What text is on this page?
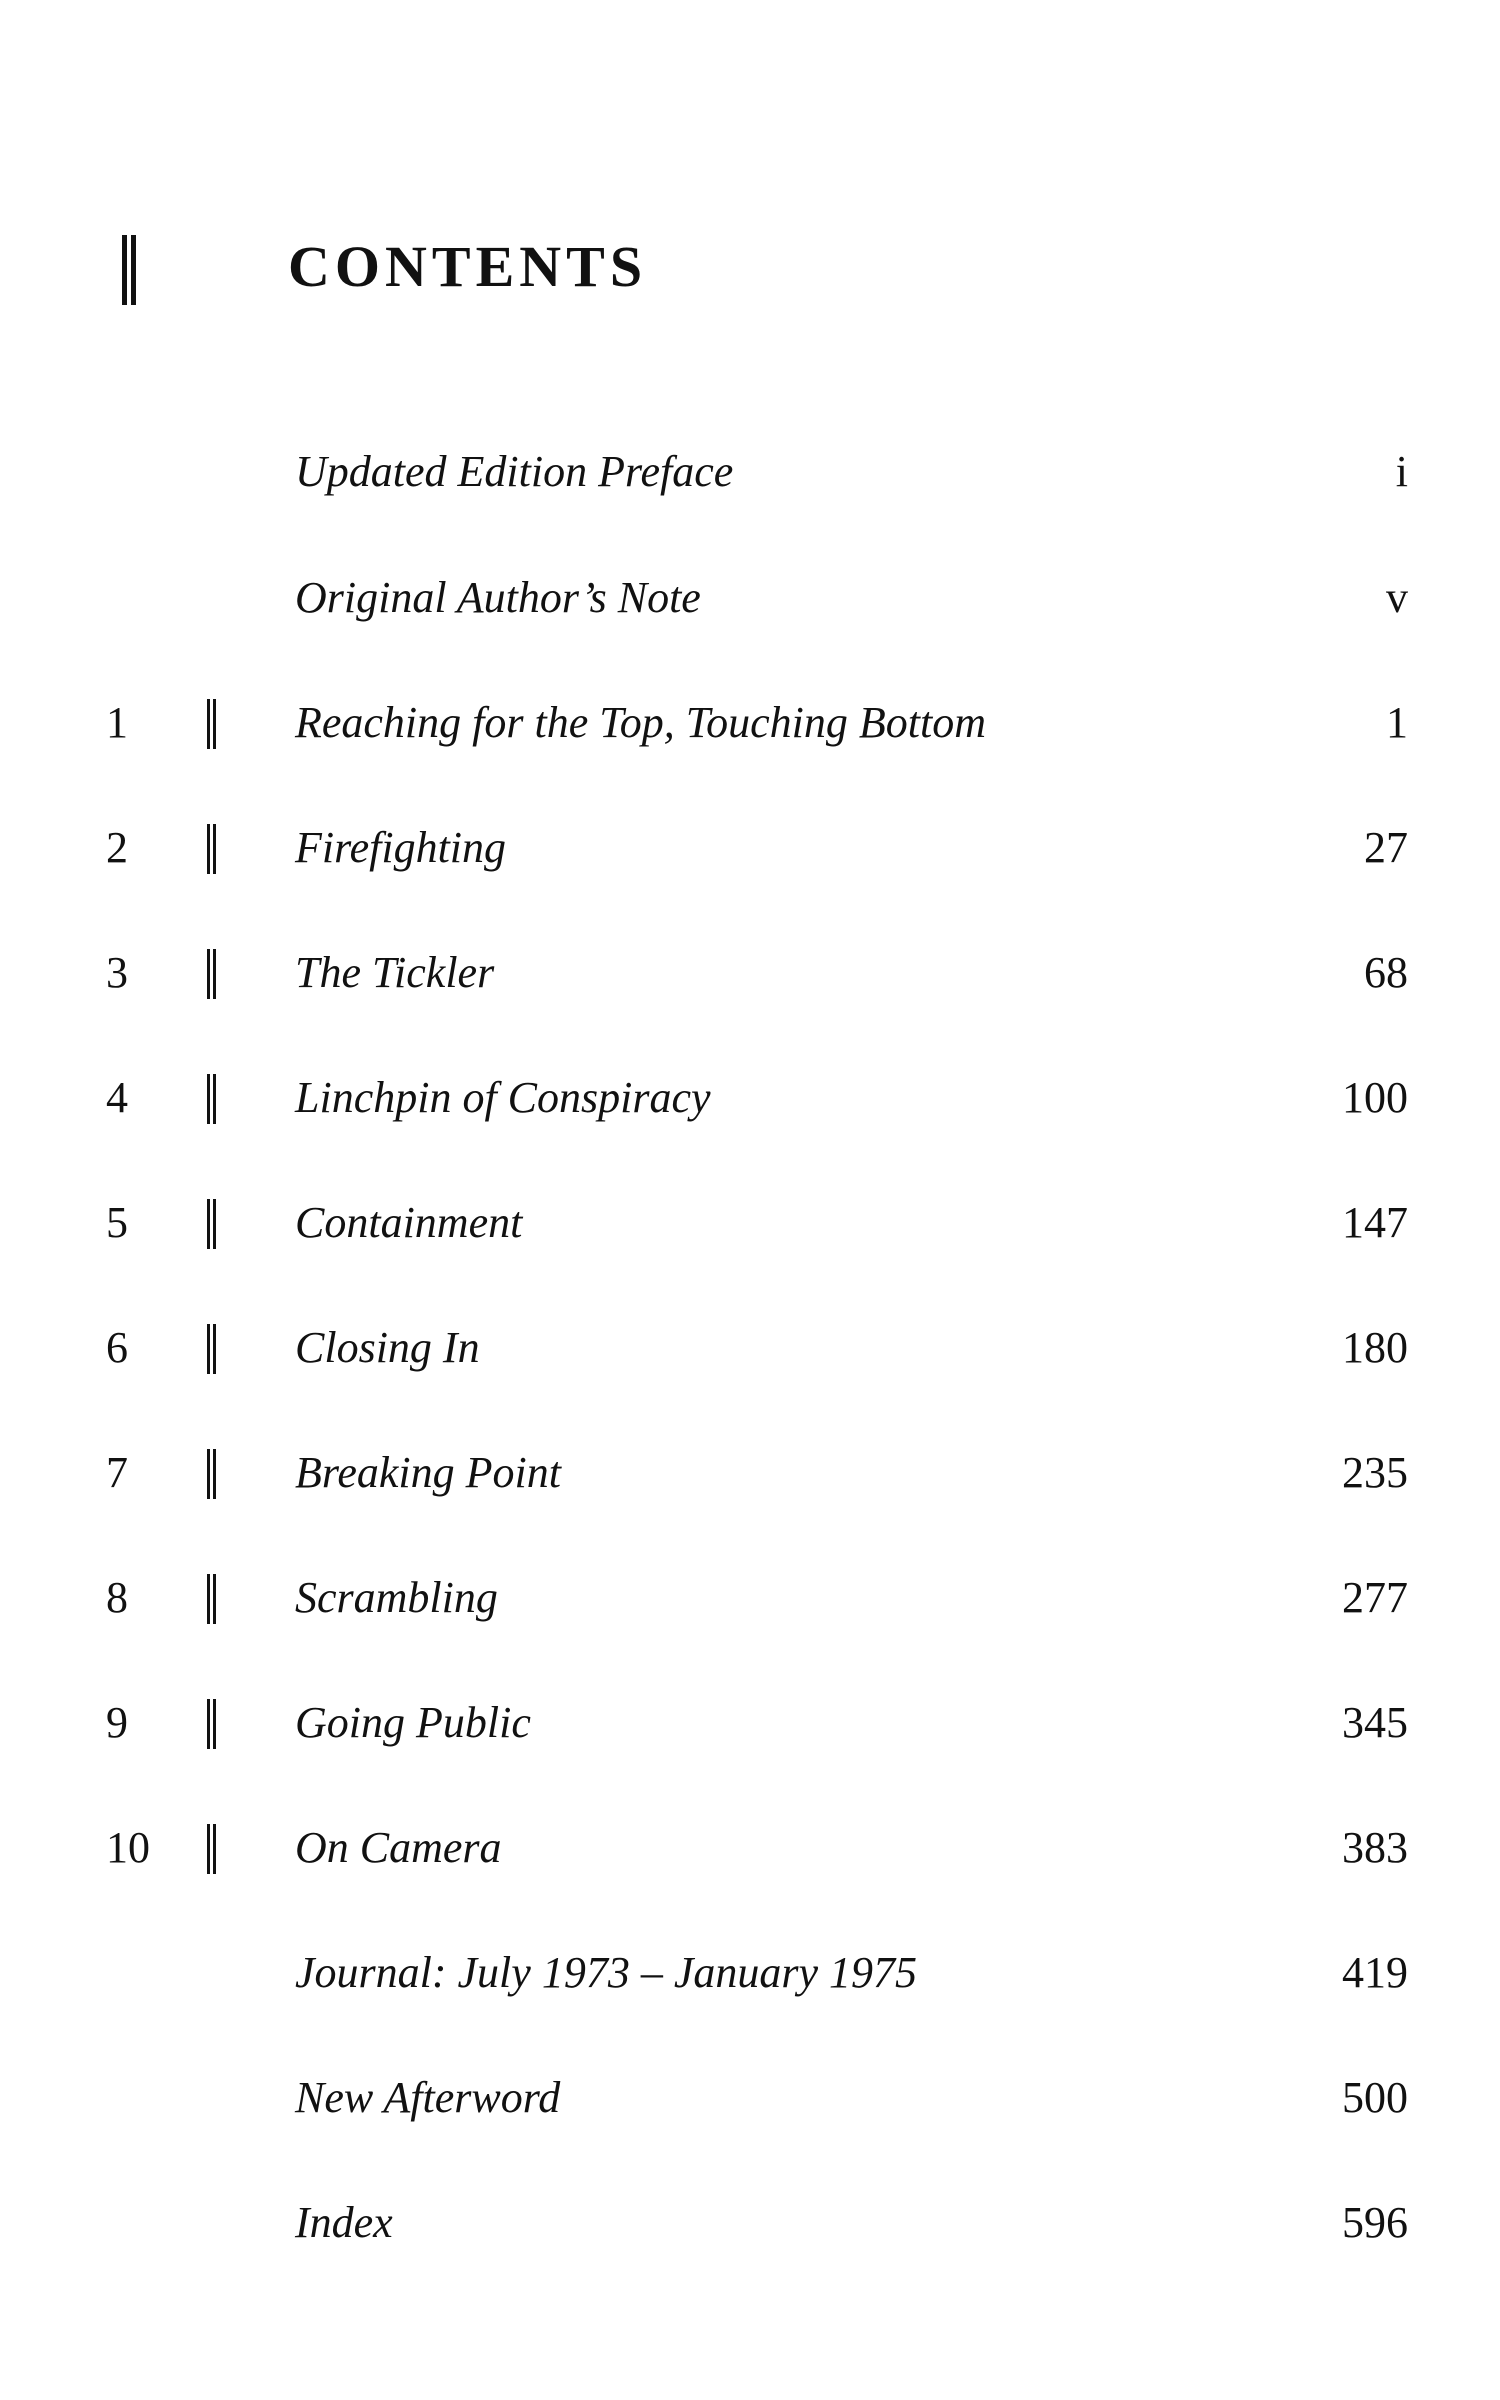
CONTENTS
Updated Edition Preface	i
Original Author’s Note	v
1	Reaching for the Top, Touching Bottom	1
2	Firefighting	27
3	The Tickler	68
4	Linchpin of Conspiracy	100
5	Containment	147
6	Closing In	180
7	Breaking Point	235
8	Scrambling	277
9	Going Public	345
10	On Camera	383
Journal: July 1973 – January 1975	419
New Afterword	500
Index	596
